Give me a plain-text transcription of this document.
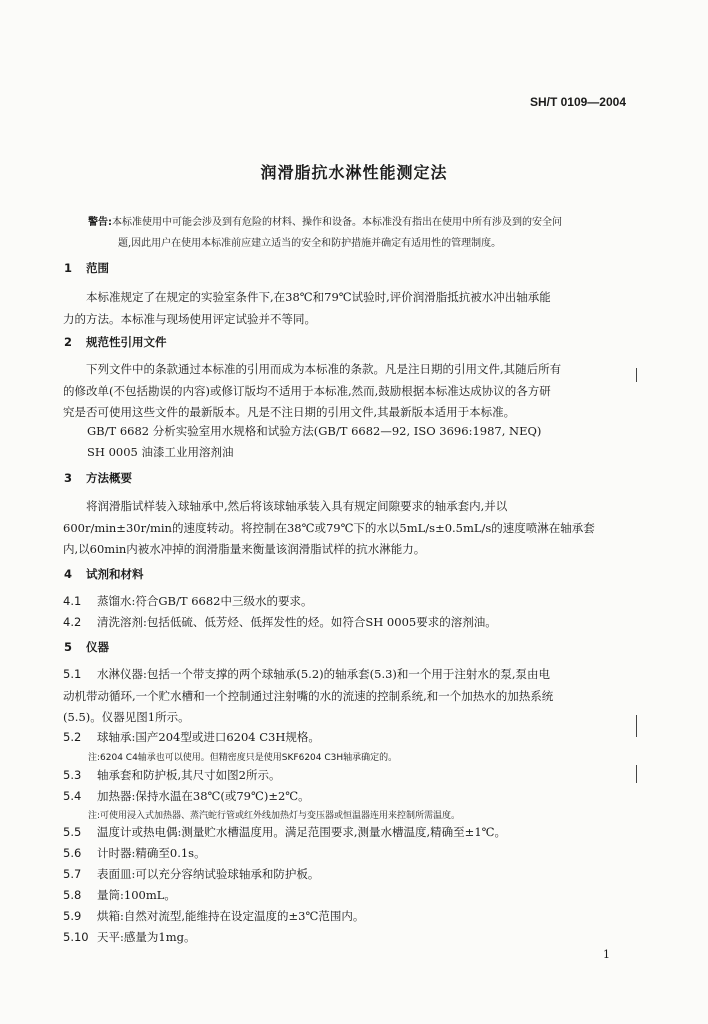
SH/T 0109—2004
润滑脂抗水淋性能测定法
警告:本标准使用中可能会涉及到有危险的材料、操作和设备。本标准没有指出在使用中所有涉及到的安全问
题,因此用户在使用本标准前应建立适当的安全和防护措施并确定有适用性的管理制度。
1 范围
本标准规定了在规定的实验室条件下,在38℃和79℃试验时,评价润滑脂抵抗被水冲出轴承能
力的方法。本标准与现场使用评定试验并不等同。
2 规范性引用文件
下列文件中的条款通过本标准的引用而成为本标准的条款。凡是注日期的引用文件,其随后所有
的修改单(不包括勘误的内容)或修订版均不适用于本标准,然而,鼓励根据本标准达成协议的各方研
究是否可使用这些文件的最新版本。凡是不注日期的引用文件,其最新版本适用于本标准。
GB/T 6682 分析实验室用水规格和试验方法(GB/T 6682—92, ISO 3696:1987, NEQ)
SH 0005 油漆工业用溶剂油
3 方法概要
将润滑脂试样装入球轴承中,然后将该球轴承装入具有规定间隙要求的轴承套内,并以
600r/min±30r/min的速度转动。将控制在38℃或79℃下的水以5mL/s±0.5mL/s的速度喷淋在轴承套
内,以60min内被水冲掉的润滑脂量来衡量该润滑脂试样的抗水淋能力。
4 试剂和材料
4.1 蒸馏水:符合GB/T 6682中三级水的要求。
4.2 清洗溶剂:包括低硫、低芳烃、低挥发性的烃。如符合SH 0005要求的溶剂油。
5 仪器
5.1 水淋仪器:包括一个带支撑的两个球轴承(5.2)的轴承套(5.3)和一个用于注射水的泵,泵由电
动机带动循环,一个贮水槽和一个控制通过注射嘴的水的流速的控制系统,和一个加热水的加热系统
(5.5)。仪器见图1所示。
5.2 球轴承:国产204型或进口6204 C3H规格。
注:6204 C4轴承也可以使用。但精密度只是使用SKF6204 C3H轴承确定的。
5.3 轴承套和防护板,其尺寸如图2所示。
5.4 加热器:保持水温在38℃(或79℃)±2℃。
注:可使用浸入式加热器、蒸汽蛇行管或红外线加热灯与变压器或恒温器连用来控制所需温度。
5.5 温度计或热电偶:测量贮水槽温度用。满足范围要求,测量水槽温度,精确至±1℃。
5.6 计时器:精确至0.1s。
5.7 表面皿:可以充分容纳试验球轴承和防护板。
5.8 量筒:100mL。
5.9 烘箱:自然对流型,能维持在设定温度的±3℃范围内。
5.10 天平:感量为1mg。
1
